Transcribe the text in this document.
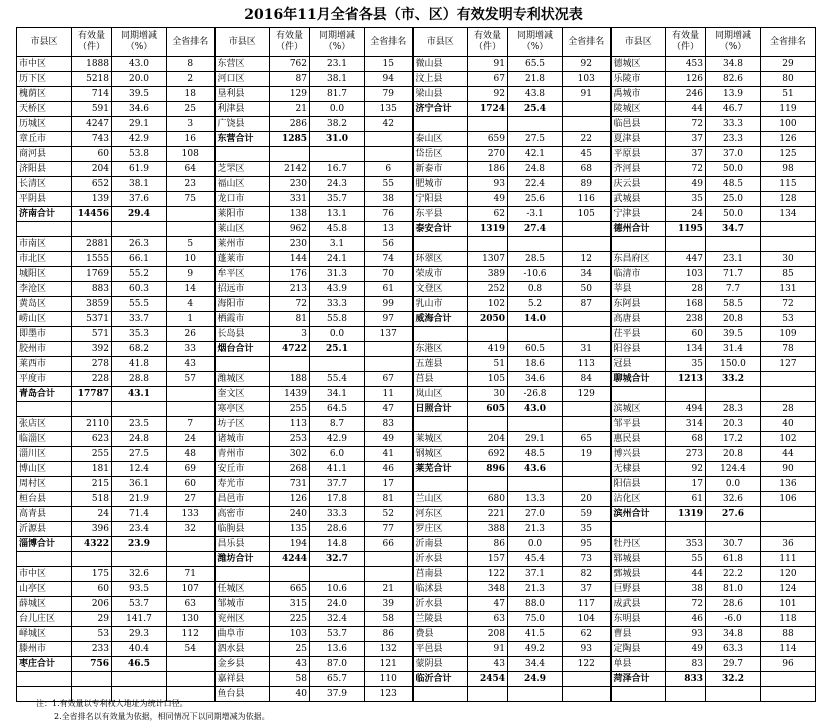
2016年11月全省各县（市、区）有效发明专利状况表
市县区	有效量（件）	同期增减（%）	全省排名	市县区	有效量（件）	同期增减（%）	全省排名	市县区	有效量（件）	同期增减（%）	全省排名	市县区	有效量（件）	同期增减（%）	全省排名
市中区	1888	43.0	8	东营区	762	23.1	15	微山县	91	65.5	92	德城区	453	34.8	29
历下区	5218	20.0	2	河口区	87	38.1	94	汶上县	67	21.8	103	乐陵市	126	82.6	80
槐荫区	714	39.5	18	垦利县	129	81.7	79	梁山县	92	43.8	91	禹城市	246	13.9	51
天桥区	591	34.6	25	利津县	21	0.0	135	济宁合计	1724	25.4		陵城区	44	46.7	119
历城区	4247	29.1	3	广饶县	286	38.2	42					临邑县	72	33.3	100
章丘市	743	42.9	16	东营合计	1285	31.0		泰山区	659	27.5	22	夏津县	37	23.3	126
商河县	60	53.8	108					岱岳区	270	42.1	45	平原县	37	37.0	125
济阳县	204	61.9	64	芝罘区	2142	16.7	6	新泰市	186	24.8	68	齐河县	72	50.0	98
长清区	652	38.1	23	福山区	230	24.3	55	肥城市	93	22.4	89	庆云县	49	48.5	115
平阴县	139	37.6	75	龙口市	331	35.7	38	宁阳县	49	25.6	116	武城县	35	25.0	128
济南合计	14456	29.4		莱阳市	138	13.1	76	东平县	62	-3.1	105	宁津县	24	50.0	134
				莱山区	962	45.8	13	泰安合计	1319	27.4		德州合计	1195	34.7	
市南区	2881	26.3	5	莱州市	230	3.1	56								
市北区	1555	66.1	10	蓬莱市	144	24.1	74	环翠区	1307	28.5	12	东昌府区	447	23.1	30
城阳区	1769	55.2	9	牟平区	176	31.3	70	荣成市	389	-10.6	34	临清市	103	71.7	85
李沧区	883	60.3	14	招远市	213	43.9	61	文登区	252	0.8	50	莘县	28	7.7	131
黄岛区	3859	55.5	4	海阳市	72	33.3	99	乳山市	102	5.2	87	东阿县	168	58.5	72
崂山区	5371	33.7	1	栖霞市	81	55.8	97	威海合计	2050	14.0		高唐县	238	20.8	53
即墨市	571	35.3	26	长岛县	3	0.0	137					茌平县	60	39.5	109
胶州市	392	68.2	33	烟台合计	4722	25.1		东港区	419	60.5	31	阳谷县	134	31.4	78
莱西市	278	41.8	43					五莲县	51	18.6	113	冠县	35	150.0	127
平度市	228	28.8	57	潍城区	188	55.4	67	莒县	105	34.6	84	聊城合计	1213	33.2	
青岛合计	17787	43.1		奎文区	1439	34.1	11	岚山区	30	-26.8	129				
				寒亭区	255	64.5	47	日照合计	605	43.0		滨城区	494	28.3	28
张店区	2110	23.5	7	坊子区	113	8.7	83					邹平县	314	20.3	40
临淄区	623	24.8	24	诸城市	253	42.9	49	莱城区	204	29.1	65	惠民县	68	17.2	102
淄川区	255	27.5	48	青州市	302	6.0	41	钢城区	692	48.5	19	博兴县	273	20.8	44
博山区	181	12.4	69	安丘市	268	41.1	46	莱芜合计	896	43.6		无棣县	92	124.4	90
周村区	215	36.1	60	寿光市	731	37.7	17					阳信县	17	0.0	136
桓台县	518	21.9	27	昌邑市	126	17.8	81	兰山区	680	13.3	20	沾化区	61	32.6	106
高青县	24	71.4	133	高密市	240	33.3	52	河东区	221	27.0	59	滨州合计	1319	27.6	
沂源县	396	23.4	32	临朐县	135	28.6	77	罗庄区	388	21.3	35				
淄博合计	4322	23.9		昌乐县	194	14.8	66	沂南县	86	0.0	95	牡丹区	353	30.7	36
				潍坊合计	4244	32.7		沂水县	157	45.4	73	郓城县	55	61.8	111
市中区	175	32.6	71					莒南县	122	37.1	82	鄄城县	44	22.2	120
山亭区	60	93.5	107	任城区	665	10.6	21	临沭县	348	21.3	37	巨野县	38	81.0	124
薛城区	206	53.7	63	邹城市	315	24.0	39	沂水县	47	88.0	117	成武县	72	28.6	101
台儿庄区	29	141.7	130	兖州区	225	32.4	58	兰陵县	63	75.0	104	东明县	46	-6.0	118
峄城区	53	29.3	112	曲阜市	103	53.7	86	费县	208	41.5	62	曹县	93	34.8	88
滕州市	233	40.4	54	泗水县	25	13.6	132	平邑县	91	49.2	93	定陶县	49	63.3	114
枣庄合计	756	46.5		金乡县	43	87.0	121	蒙阴县	43	34.4	122	单县	83	29.7	96
				嘉祥县	58	65.7	110	临沂合计	2454	24.9		菏泽合计	833	32.2	
				鱼台县	40	37.9	123								
注：1.有效量以专利权人地址为统计口径。
2.全省排名以有效量为依据，相同情况下以同期增减为依据。
